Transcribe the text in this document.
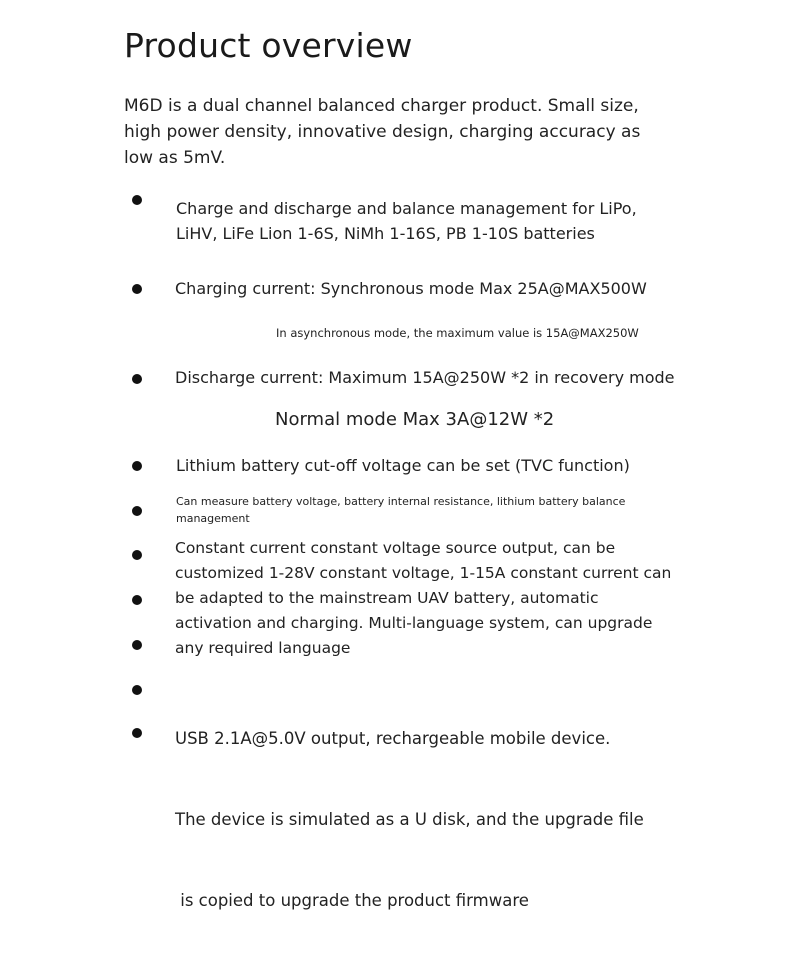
Product overview

M6D is a dual channel balanced charger product. Small size,
high power density, innovative design, charging accuracy as
low as 5mV.

Charge and discharge and balance management for LiPo,
LiHV, LiFe Lion 1-6S, NiMh 1-16S, PB 1-10S batteries
Charging current: Synchronous mode Max 25A@MAX500W
In asynchronous mode, the maximum value is 15A@MAX250W
Discharge current: Maximum 15A@250W *2 in recovery mode
Normal mode Max 3A@12W *2
Lithium battery cut-off voltage can be set (TVC function)
Can measure battery voltage, battery internal resistance, lithium battery balance
management
Constant current constant voltage source output, can be
customized 1-28V constant voltage, 1-15A constant current can
be adapted to the mainstream UAV battery, automatic
activation and charging. Multi-language system, can upgrade
any required language

USB 2.1A@5.0V output, rechargeable mobile device.

The device is simulated as a U disk, and the upgrade file

is copied to upgrade the product firmware
